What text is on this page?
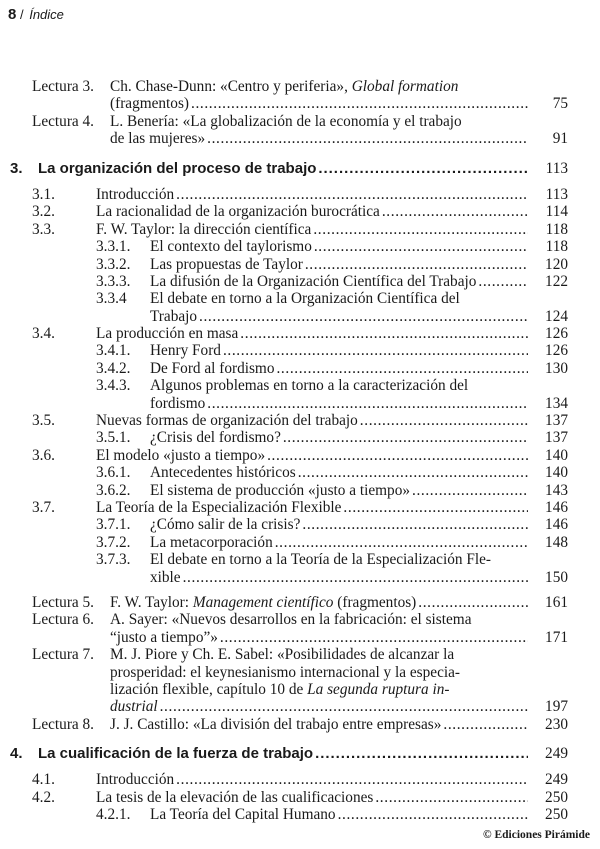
8 / Índice
Lectura 3. Ch. Chase-Dunn: «Centro y periferia», Global formation
(fragmentos) . . .	75
Lectura 4. L. Benería: «La globalización de la economía y el trabajo
de las mujeres» . . .	91
3. La organización del proceso de trabajo . . .	113
3.1.	Introducción . . .	113
3.2.	La racionalidad de la organización burocrática . . .	114
3.3.	F. W. Taylor: la dirección científica . . .	118
3.3.1. El contexto del taylorismo . . .	118
3.3.2. Las propuestas de Taylor . . .	120
3.3.3. La difusión de la Organización Científica del Trabajo . . .	122
3.3.4 El debate en torno a la Organización Científica del
Trabajo . . .	124
3.4.	La producción en masa . . .	126
3.4.1. Henry Ford . . .	126
3.4.2. De Ford al fordismo . . .	130
3.4.3. Algunos problemas en torno a la caracterización del
fordismo . . .	134
3.5.	Nuevas formas de organización del trabajo . . .	137
3.5.1. ¿Crisis del fordismo? . . .	137
3.6.	El modelo «justo a tiempo» . . .	140
3.6.1. Antecedentes históricos . . .	140
3.6.2. El sistema de producción «justo a tiempo» . . .	143
3.7.	La Teoría de la Especialización Flexible . . .	146
3.7.1. ¿Cómo salir de la crisis? . . .	146
3.7.2. La metacorporación . . .	148
3.7.3. El debate en torno a la Teoría de la Especialización Fle-
xible . . .	150
Lectura 5. F. W. Taylor: Management científico (fragmentos) . . .	161
Lectura 6. A. Sayer: «Nuevos desarrollos en la fabricación: el sistema
“justo a tiempo”» . . .	171
Lectura 7. M. J. Piore y Ch. E. Sabel: «Posibilidades de alcanzar la
prosperidad: el keynesianismo internacional y la especia-
lización flexible, capítulo 10 de La segunda ruptura in-
dustrial . . .	197
Lectura 8. J. J. Castillo: «La división del trabajo entre empresas» . . .	230
4. La cualificación de la fuerza de trabajo . . .	249
4.1.	Introducción . . .	249
4.2.	La tesis de la elevación de las cualificaciones . . .	250
4.2.1. La Teoría del Capital Humano . . .	250
© Ediciones Pirámide
